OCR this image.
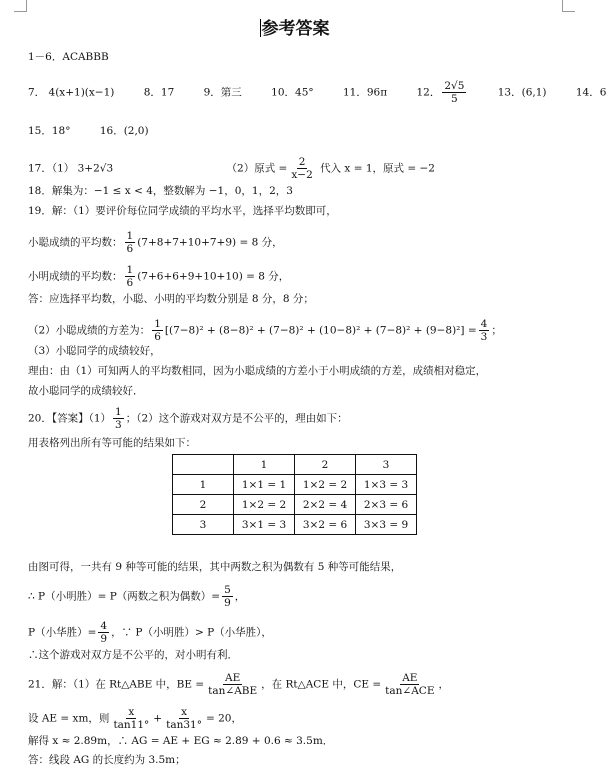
参考答案
1－6．ACABBB
7． 4(x+1)(x−1)	8．17	9．第三	10．45°	11．96π	12． $\frac{2√5}{5}$	13．(6,1)	14．6
15．18°	16．(2,0)
17．（1） 3+2√3	（2）原式 = $\frac{2}{x-2}$ 代入 x = 1，原式 = −2
18．解集为：−1 ≤ x < 4，整数解为 −1，0，1，2，3
19．解：（1）要评价每位同学成绩的平均水平，选择平均数即可，
小聪成绩的平均数： $\frac{1}{6} (7+8+7+10+7+9) = 8$ 分，
小明成绩的平均数： $\frac{1}{6} (7+6+6+9+10+10) = 8$ 分，
答：应选择平均数，小聪、小明的平均数分别是 8 分，8 分；
（2）小聪成绩的方差为： $\frac{1}{6} [(7-8)^2 + (8-8)^2 + (7-8)^2 + (10-8)^2 + (7-8)^2 + (9-8)^2] = \frac{4}{3}$ ；
（3）小聪同学的成绩较好，
理由：由（1）可知两人的平均数相同，因为小聪成绩的方差小于小明成绩的方差，成绩相对稳定，
故小聪同学的成绩较好．
20．【答案】$(1) \frac{1}{3}$ ；（2）这个游戏对双方是不公平的，理由如下：
用表格列出所有等可能的结果如下：
	1	2	3
1	1×1 = 1	1×2 = 2	1×3 = 3
2	1×2 = 2	2×2 = 4	2×3 = 6
3	3×1 = 3	3×2 = 6	3×3 = 9
由图可得，一共有 9 种等可能的结果，其中两数之积为偶数有 5 种等可能结果，
∴ P（小明胜）= P（两数之积为偶数）= $\frac{5}{9}$ ，
P（小华胜）= $\frac{4}{9}$ ，∵ P（小明胜）> P（小华胜），
∴这个游戏对双方是不公平的，对小明有利．
21．解：（1）在 Rt△ABE 中，BE = $\frac{AE}{\text{tan∠ABE}}$ ，在 Rt△ACE 中，CE = $\frac{AE}{\text{tan∠ACE}}$ ，
设 AE = xm，则 $\frac{x}{\tan 11^\circ} + \frac{x}{\tan 31^\circ} = 20$，
解得 x ≈ 2.89m，∴ AG = AE + EG ≈ 2.89 + 0.6 ≈ 3.5m．
答：线段 AG 的长度约为 3.5m；
